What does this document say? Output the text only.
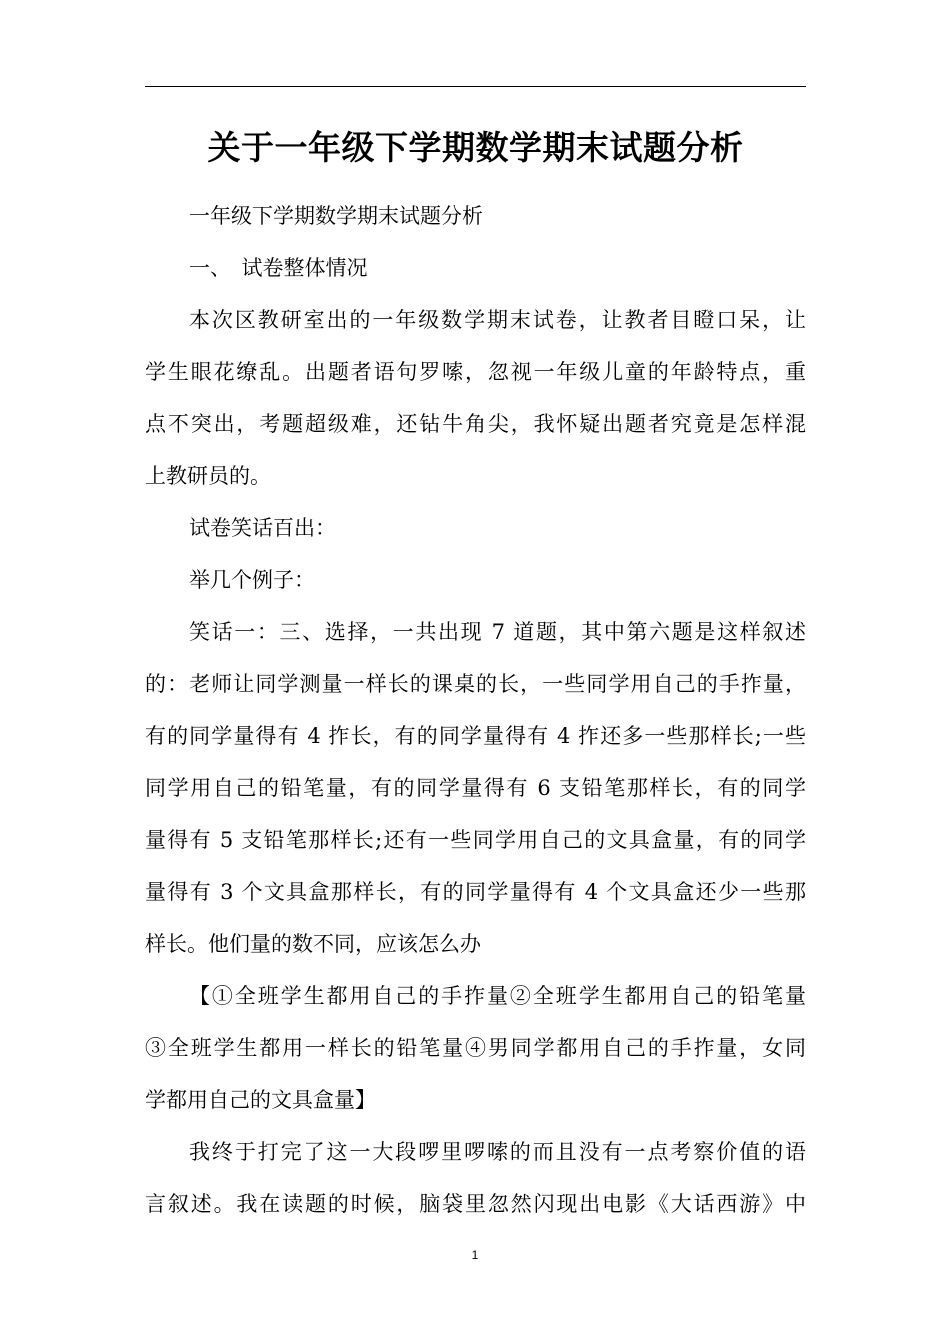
关于一年级下学期数学期末试题分析
一年级下学期数学期末试题分析
一、　试卷整体情况
本次区教研室出的一年级数学期末试卷，让教者目瞪口呆，让
学生眼花缭乱。出题者语句罗嗦，忽视一年级儿童的年龄特点，重
点不突出，考题超级难，还钻牛角尖，我怀疑出题者究竟是怎样混
上教研员的。
试卷笑话百出：
举几个例子：
笑话一：三、选择，一共出现 7 道题，其中第六题是这样叙述
的：老师让同学测量一样长的课桌的长，一些同学用自己的手拃量，
有的同学量得有 4 拃长，有的同学量得有 4 拃还多一些那样长;一些
同学用自己的铅笔量，有的同学量得有 6 支铅笔那样长，有的同学
量得有 5 支铅笔那样长;还有一些同学用自己的文具盒量，有的同学
量得有 3 个文具盒那样长，有的同学量得有 4 个文具盒还少一些那
样长。他们量的数不同，应该怎么办
【①全班学生都用自己的手拃量②全班学生都用自己的铅笔量
③全班学生都用一样长的铅笔量④男同学都用自己的手拃量，女同
学都用自己的文具盒量】
我终于打完了这一大段啰里啰嗦的而且没有一点考察价值的语
言叙述。我在读题的时候，脑袋里忽然闪现出电影《大话西游》中
1
